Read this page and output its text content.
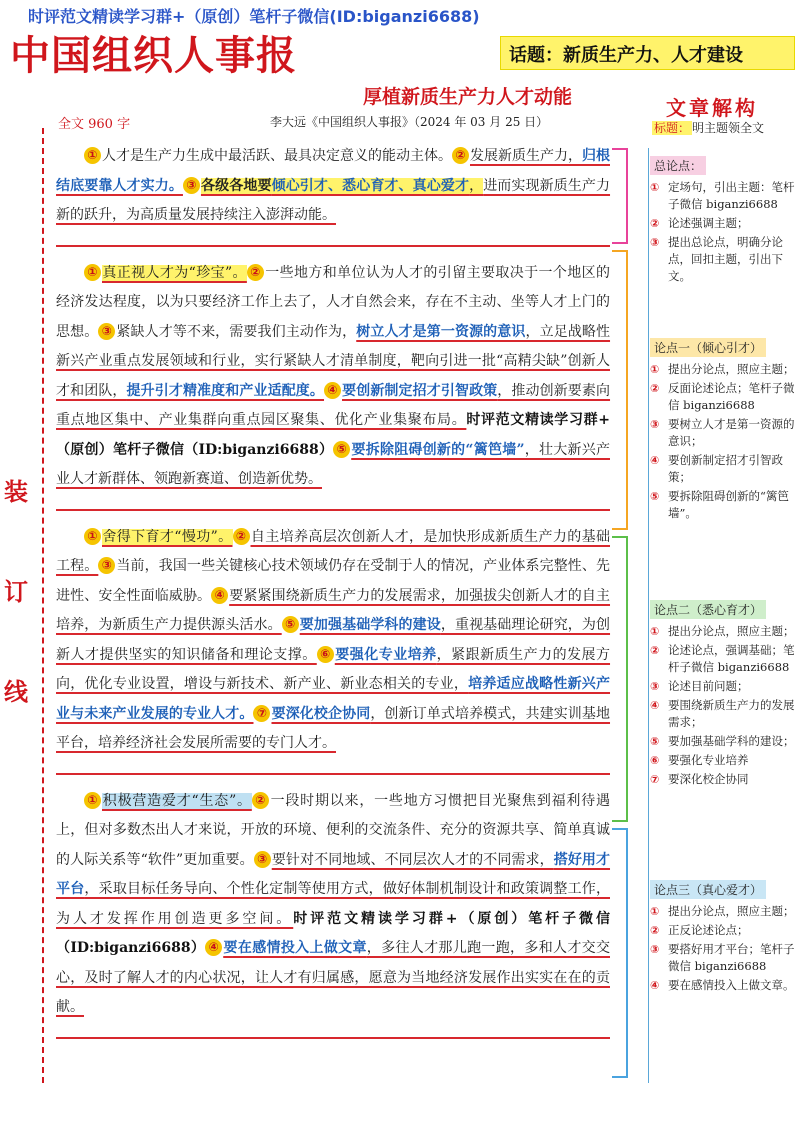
时评范文精读学习群+（原创）笔杆子微信(ID:biganzi6688)
中国组织人事报	话题：新质生产力、人才建设
厚植新质生产力人才动能
全文 960 字	李大远《中国组织人事报》（2024 年 03 月 25 日）
装
订
线

① 人才是生产力生成中最活跃、最具决定意义的能动主体。 ② 发展新质生产力，归根结底要靠人才实力。 ③ 各级各地要倾心引才、悉心育才、真心爱才，进而实现新质生产力新的跃升，为高质量发展持续注入澎湃动能。

① 真正视人才为“珍宝”。 ② 一些地方和单位认为人才的引留主要取决于一个地区的经济发达程度，以为只要经济工作上去了，人才自然会来，存在不主动、坐等人才上门的思想。 ③ 紧缺人才等不来，需要我们主动作为，树立人才是第一资源的意识，立足战略性新兴产业重点发展领域和行业，实行紧缺人才清单制度，靶向引进一批“高精尖缺”创新人才和团队，提升引才精准度和产业适配度。 ④ 要创新制定招才引智政策，推动创新要素向重点地区集中、产业集群向重点园区聚集、优化产业集聚布局。时评范文精读学习群+（原创）笔杆子微信（ID:biganzi6688） ⑤ 要拆除阻碍创新的“篱笆墙”，壮大新兴产业人才新群体、领跑新赛道、创造新优势。

① 舍得下育才“慢功”。 ② 自主培养高层次创新人才，是加快形成新质生产力的基础工程。 ③ 当前，我国一些关键核心技术领域仍存在受制于人的情况，产业体系完整性、先进性、安全性面临威胁。 ④ 要紧紧围绕新质生产力的发展需求，加强拔尖创新人才的自主培养，为新质生产力提供源头活水。 ⑤ 要加强基础学科的建设，重视基础理论研究，为创新人才提供坚实的知识储备和理论支撑。 ⑥ 要强化专业培养，紧跟新质生产力的发展方向，优化专业设置，增设与新技术、新产业、新业态相关的专业，培养适应战略性新兴产业与未来产业发展的专业人才。 ⑦ 要深化校企协同，创新订单式培养模式，共建实训基地平台，培养经济社会发展所需要的专门人才。

① 积极营造爱才“生态”。 ② 一段时期以来，一些地方习惯把目光聚焦到福利待遇上，但对多数杰出人才来说，开放的环境、便利的交流条件、充分的资源共享、简单真诚的人际关系等“软件”更加重要。 ③ 要针对不同地域、不同层次人才的不同需求，搭好用才平台，采取目标任务导向、个性化定制等使用方式，做好体制机制设计和政策调整工作，为人才发挥作用创造更多空间。时评范文精读学习群+（原创）笔杆子微信（ID:biganzi6688） ④ 要在感情投入上做文章，多往人才那儿跑一跑，多和人才交交心，及时了解人才的内心状况，让人才有归属感，愿意为当地经济发展作出实实在在的贡献。

文章解构
标题： 明主题领全文
总论点：
① 定场句，引出主题：笔杆子微信 biganzi6688
② 论述强调主题；
③ 提出总论点，明确分论点，回扣主题，引出下文。
论点一（倾心引才）
① 提出分论点，照应主题；
② 反面论述论点；笔杆子微信 biganzi6688
③ 要树立人才是第一资源的意识；
④ 要创新制定招才引智政策；
⑤ 要拆除阻碍创新的“篱笆墙”。
论点二（悉心育才）
① 提出分论点，照应主题；
② 论述论点，强调基础；笔杆子微信 biganzi6688
③ 论述目前问题；
④ 要围绕新质生产力的发展需求；
⑤ 要加强基础学科的建设；
⑥ 要强化专业培养
⑦ 要深化校企协同
论点三（真心爱才）
① 提出分论点，照应主题；
② 正反论述论点；
③ 要搭好用才平台；笔杆子微信 biganzi6688
④ 要在感情投入上做文章。
